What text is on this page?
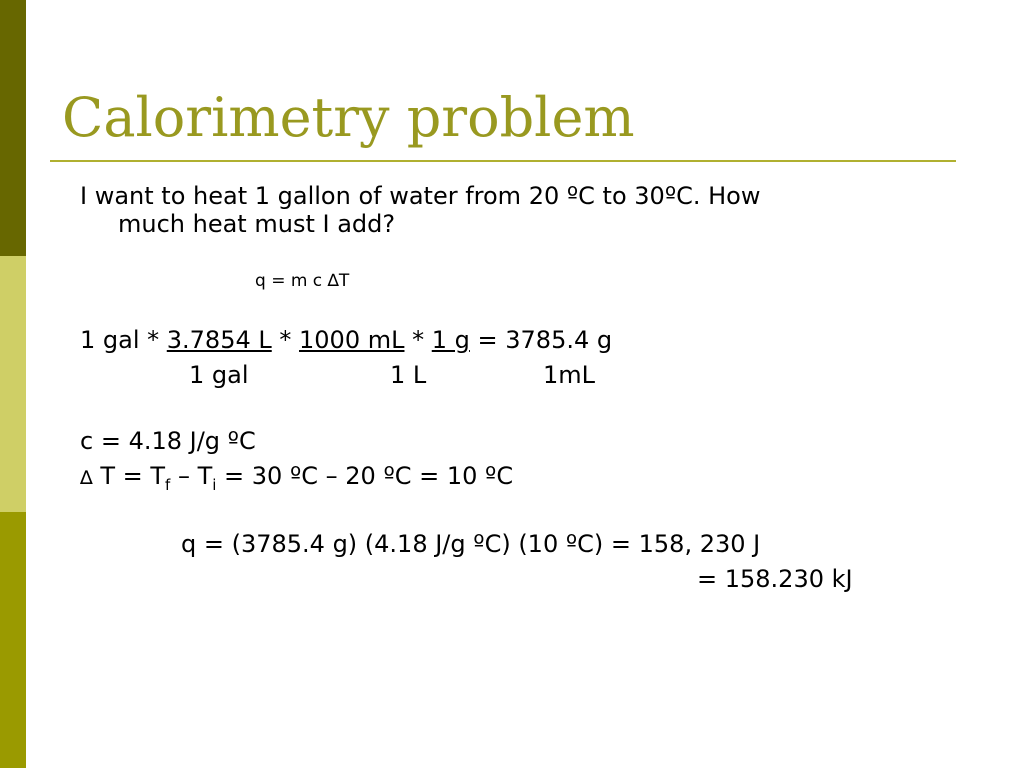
Calorimetry problem
I want to heat 1 gallon of water from 20 ºC to 30ºC. How
much heat must I add?
q = m c ∆T
1 gal * 3.7854 L * 1000 mL * 1 g = 3785.4 g
1 gal	1 L	1mL
c = 4.18 J/g ºC
∆ $T = T_f - T_i = 30$ ºC – 20 ºC = 10 ºC
q = (3785.4 g) (4.18 J/g ºC) (10 ºC) = 158, 230 J
= 158.230 kJ
